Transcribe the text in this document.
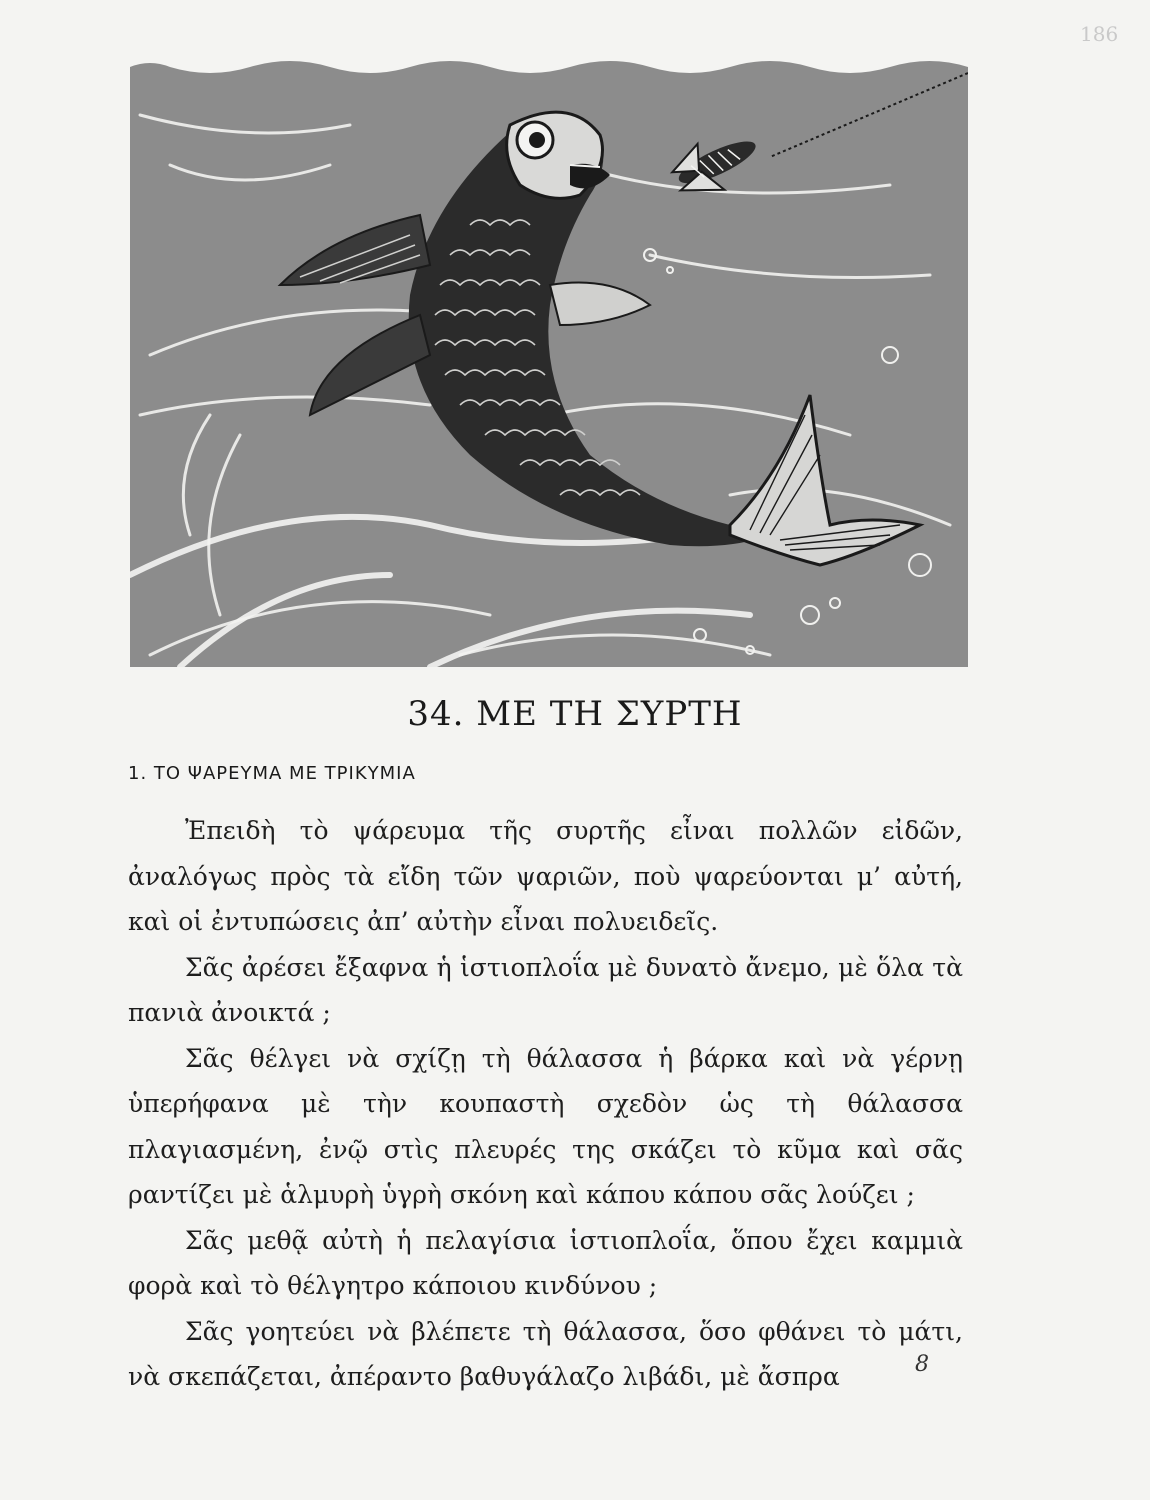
186
34. ΜΕ ΤΗ ΣΥΡΤΗ
1. ΤΟ ΨΑΡΕΥΜΑ ΜΕ ΤΡΙΚΥΜΙΑ

Ἐπειδὴ τὸ ψάρευμα τῆς συρτῆς εἶναι πολλῶν εἰδῶν, ἀναλόγως πρὸς τὰ εἴδη τῶν ψαριῶν, ποὺ ψαρεύονται μ’ αὐτή, καὶ οἱ ἐντυπώσεις ἀπ’ αὐτὴν εἶναι πολυειδεῖς.

Σᾶς ἀρέσει ἔξαφνα ἡ ἱστιοπλοΐα μὲ δυνατὸ ἄνεμο, μὲ ὅλα τὰ πανιὰ ἀνοικτά ;

Σᾶς θέλγει νὰ σχίζῃ τὴ θάλασσα ἡ βάρκα καὶ νὰ γέρνῃ ὑπερήφανα μὲ τὴν κουπαστὴ σχεδὸν ὡς τὴ θάλασσα πλαγιασμένη, ἐνῷ στὶς πλευρές της σκάζει τὸ κῦμα καὶ σᾶς ραντίζει μὲ ἁλμυρὴ ὑγρὴ σκόνη καὶ κάπου κάπου σᾶς λούζει ;

Σᾶς μεθᾷ αὐτὴ ἡ πελαγίσια ἱστιοπλοΐα, ὅπου ἔχει καμμιὰ φορὰ καὶ τὸ θέλγητρο κάποιου κινδύνου ;

Σᾶς γοητεύει νὰ βλέπετε τὴ θάλασσα, ὅσο φθάνει τὸ μάτι, νὰ σκεπάζεται, ἀπέραντο βαθυγάλαζο λιβάδι, μὲ ἄσπρα	8
